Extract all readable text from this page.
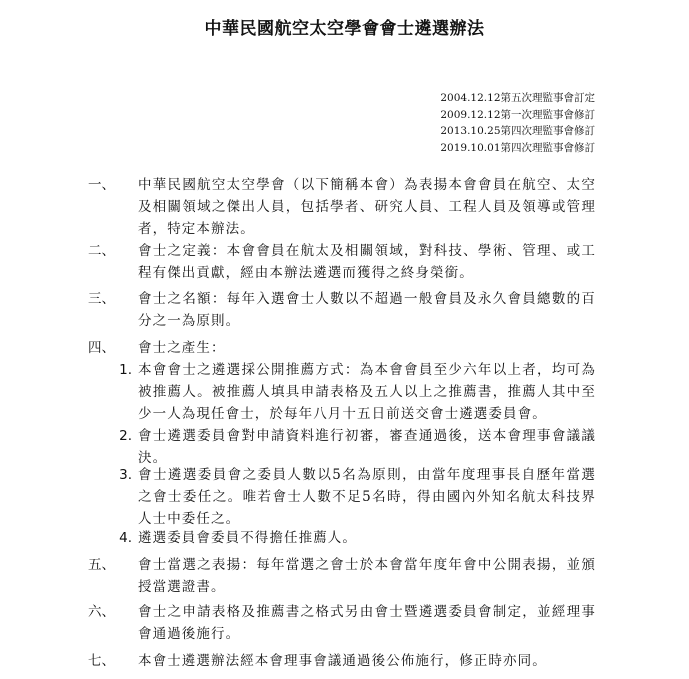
中華民國航空太空學會會士遴選辦法
2004.12.12第五次理監事會訂定
2009.12.12第一次理監事會修訂
2013.10.25第四次理監事會修訂
2019.10.01第四次理監事會修訂
一、 中華民國航空太空學會（以下簡稱本會）為表揚本會會員在航空、太空及相關領域之傑出人員，包括學者、研究人員、工程人員及領導或管理者，特定本辦法。
二、 會士之定義：本會會員在航太及相關領域，對科技、學術、管理、或工程有傑出貢獻，經由本辦法遴選而獲得之終身榮銜。
三、 會士之名額：每年入選會士人數以不超過一般會員及永久會員總數的百分之一為原則。
四、 會士之產生：
1. 本會會士之遴選採公開推薦方式：為本會會員至少六年以上者，均可為被推薦人。被推薦人填具申請表格及五人以上之推薦書，推薦人其中至少一人為現任會士，於每年八月十五日前送交會士遴選委員會。
2. 會士遴選委員會對申請資料進行初審，審查通過後，送本會理事會議議決。
3. 會士遴選委員會之委員人數以5名為原則，由當年度理事長自歷年當選之會士委任之。唯若會士人數不足5名時，得由國內外知名航太科技界人士中委任之。
4. 遴選委員會委員不得擔任推薦人。
五、 會士當選之表揚：每年當選之會士於本會當年度年會中公開表揚，並頒授當選證書。
六、 會士之申請表格及推薦書之格式另由會士暨遴選委員會制定，並經理事會通過後施行。
七、 本會士遴選辦法經本會理事會議通過後公佈施行，修正時亦同。
